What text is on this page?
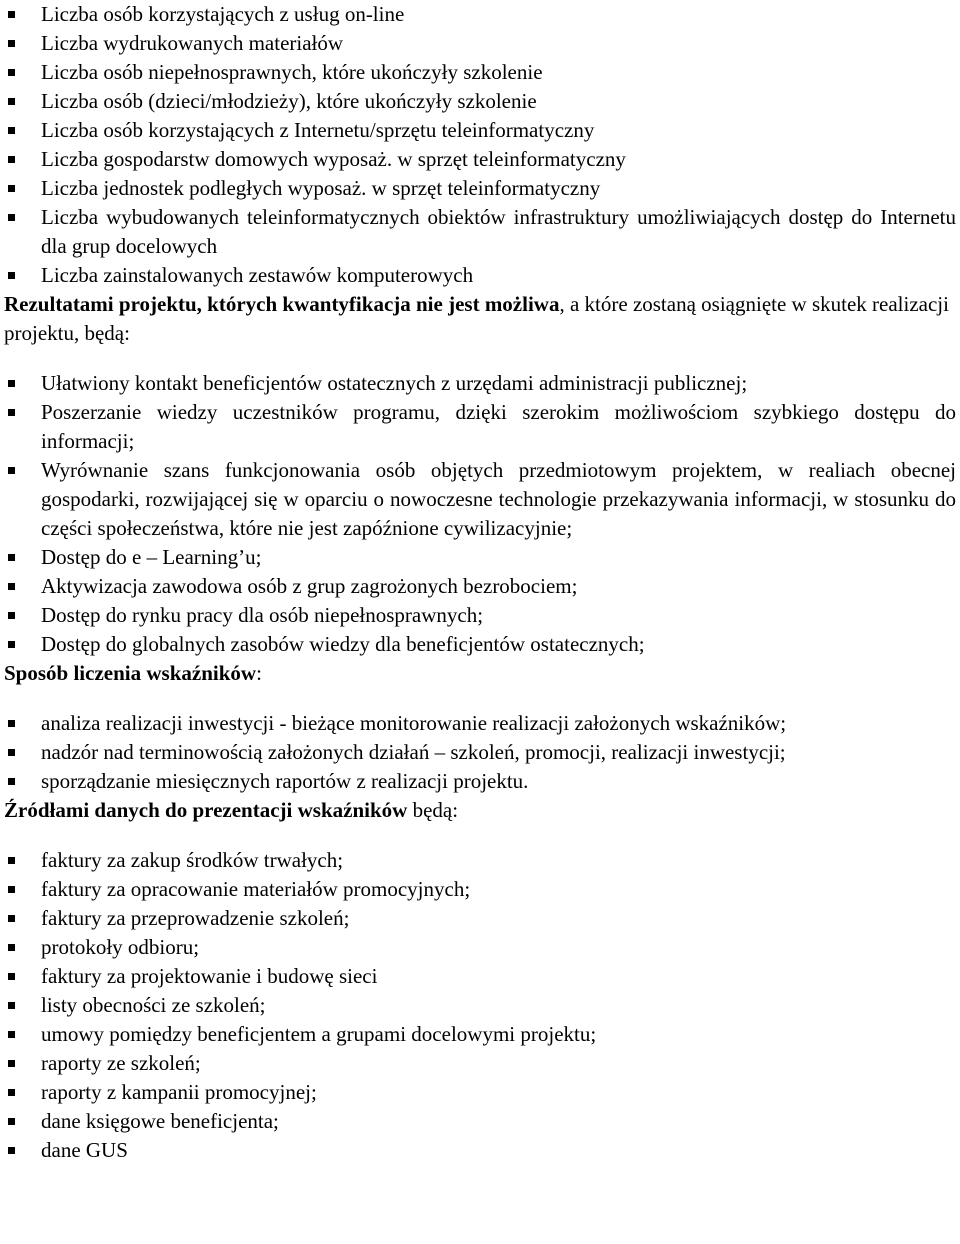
Liczba osób korzystających z usług on-line
Liczba wydrukowanych materiałów
Liczba osób niepełnosprawnych, które ukończyły szkolenie
Liczba osób (dzieci/młodzieży), które ukończyły szkolenie
Liczba osób korzystających z Internetu/sprzętu teleinformatyczny
Liczba gospodarstw domowych wyposaż. w sprzęt teleinformatyczny
Liczba jednostek podległych wyposaż. w sprzęt teleinformatyczny
Liczba wybudowanych teleinformatycznych obiektów infrastruktury umożliwiających dostęp do Internetu dla grup docelowych
Liczba zainstalowanych zestawów komputerowych

Rezultatami projektu, których kwantyfikacja nie jest możliwa, a które zostaną osiągnięte w skutek realizacji projektu, będą:

Ułatwiony kontakt beneficjentów ostatecznych z urzędami administracji publicznej;
Poszerzanie wiedzy uczestników programu, dzięki szerokim możliwościom szybkiego dostępu do informacji;
Wyrównanie szans funkcjonowania osób objętych przedmiotowym projektem, w realiach obecnej gospodarki, rozwijającej się w oparciu o nowoczesne technologie przekazywania informacji, w stosunku do części społeczeństwa, które nie jest zapóźnione cywilizacyjnie;
Dostęp do e – Learning’u;
Aktywizacja zawodowa osób z grup zagrożonych bezrobociem;
Dostęp do rynku pracy dla osób niepełnosprawnych;
Dostęp do globalnych zasobów wiedzy dla beneficjentów ostatecznych;

Sposób liczenia wskaźników:

analiza realizacji inwestycji - bieżące monitorowanie realizacji założonych wskaźników;
nadzór nad terminowością założonych działań – szkoleń, promocji, realizacji inwestycji;
sporządzanie miesięcznych raportów z realizacji projektu.

Źródłami danych do prezentacji wskaźników będą:

faktury za zakup środków trwałych;
faktury za opracowanie materiałów promocyjnych;
faktury za przeprowadzenie szkoleń;
protokoły odbioru;
faktury za projektowanie i budowę sieci
listy obecności ze szkoleń;
umowy pomiędzy beneficjentem a grupami docelowymi projektu;
raporty ze szkoleń;
raporty z kampanii promocyjnej;
dane księgowe beneficjenta;
dane GUS
